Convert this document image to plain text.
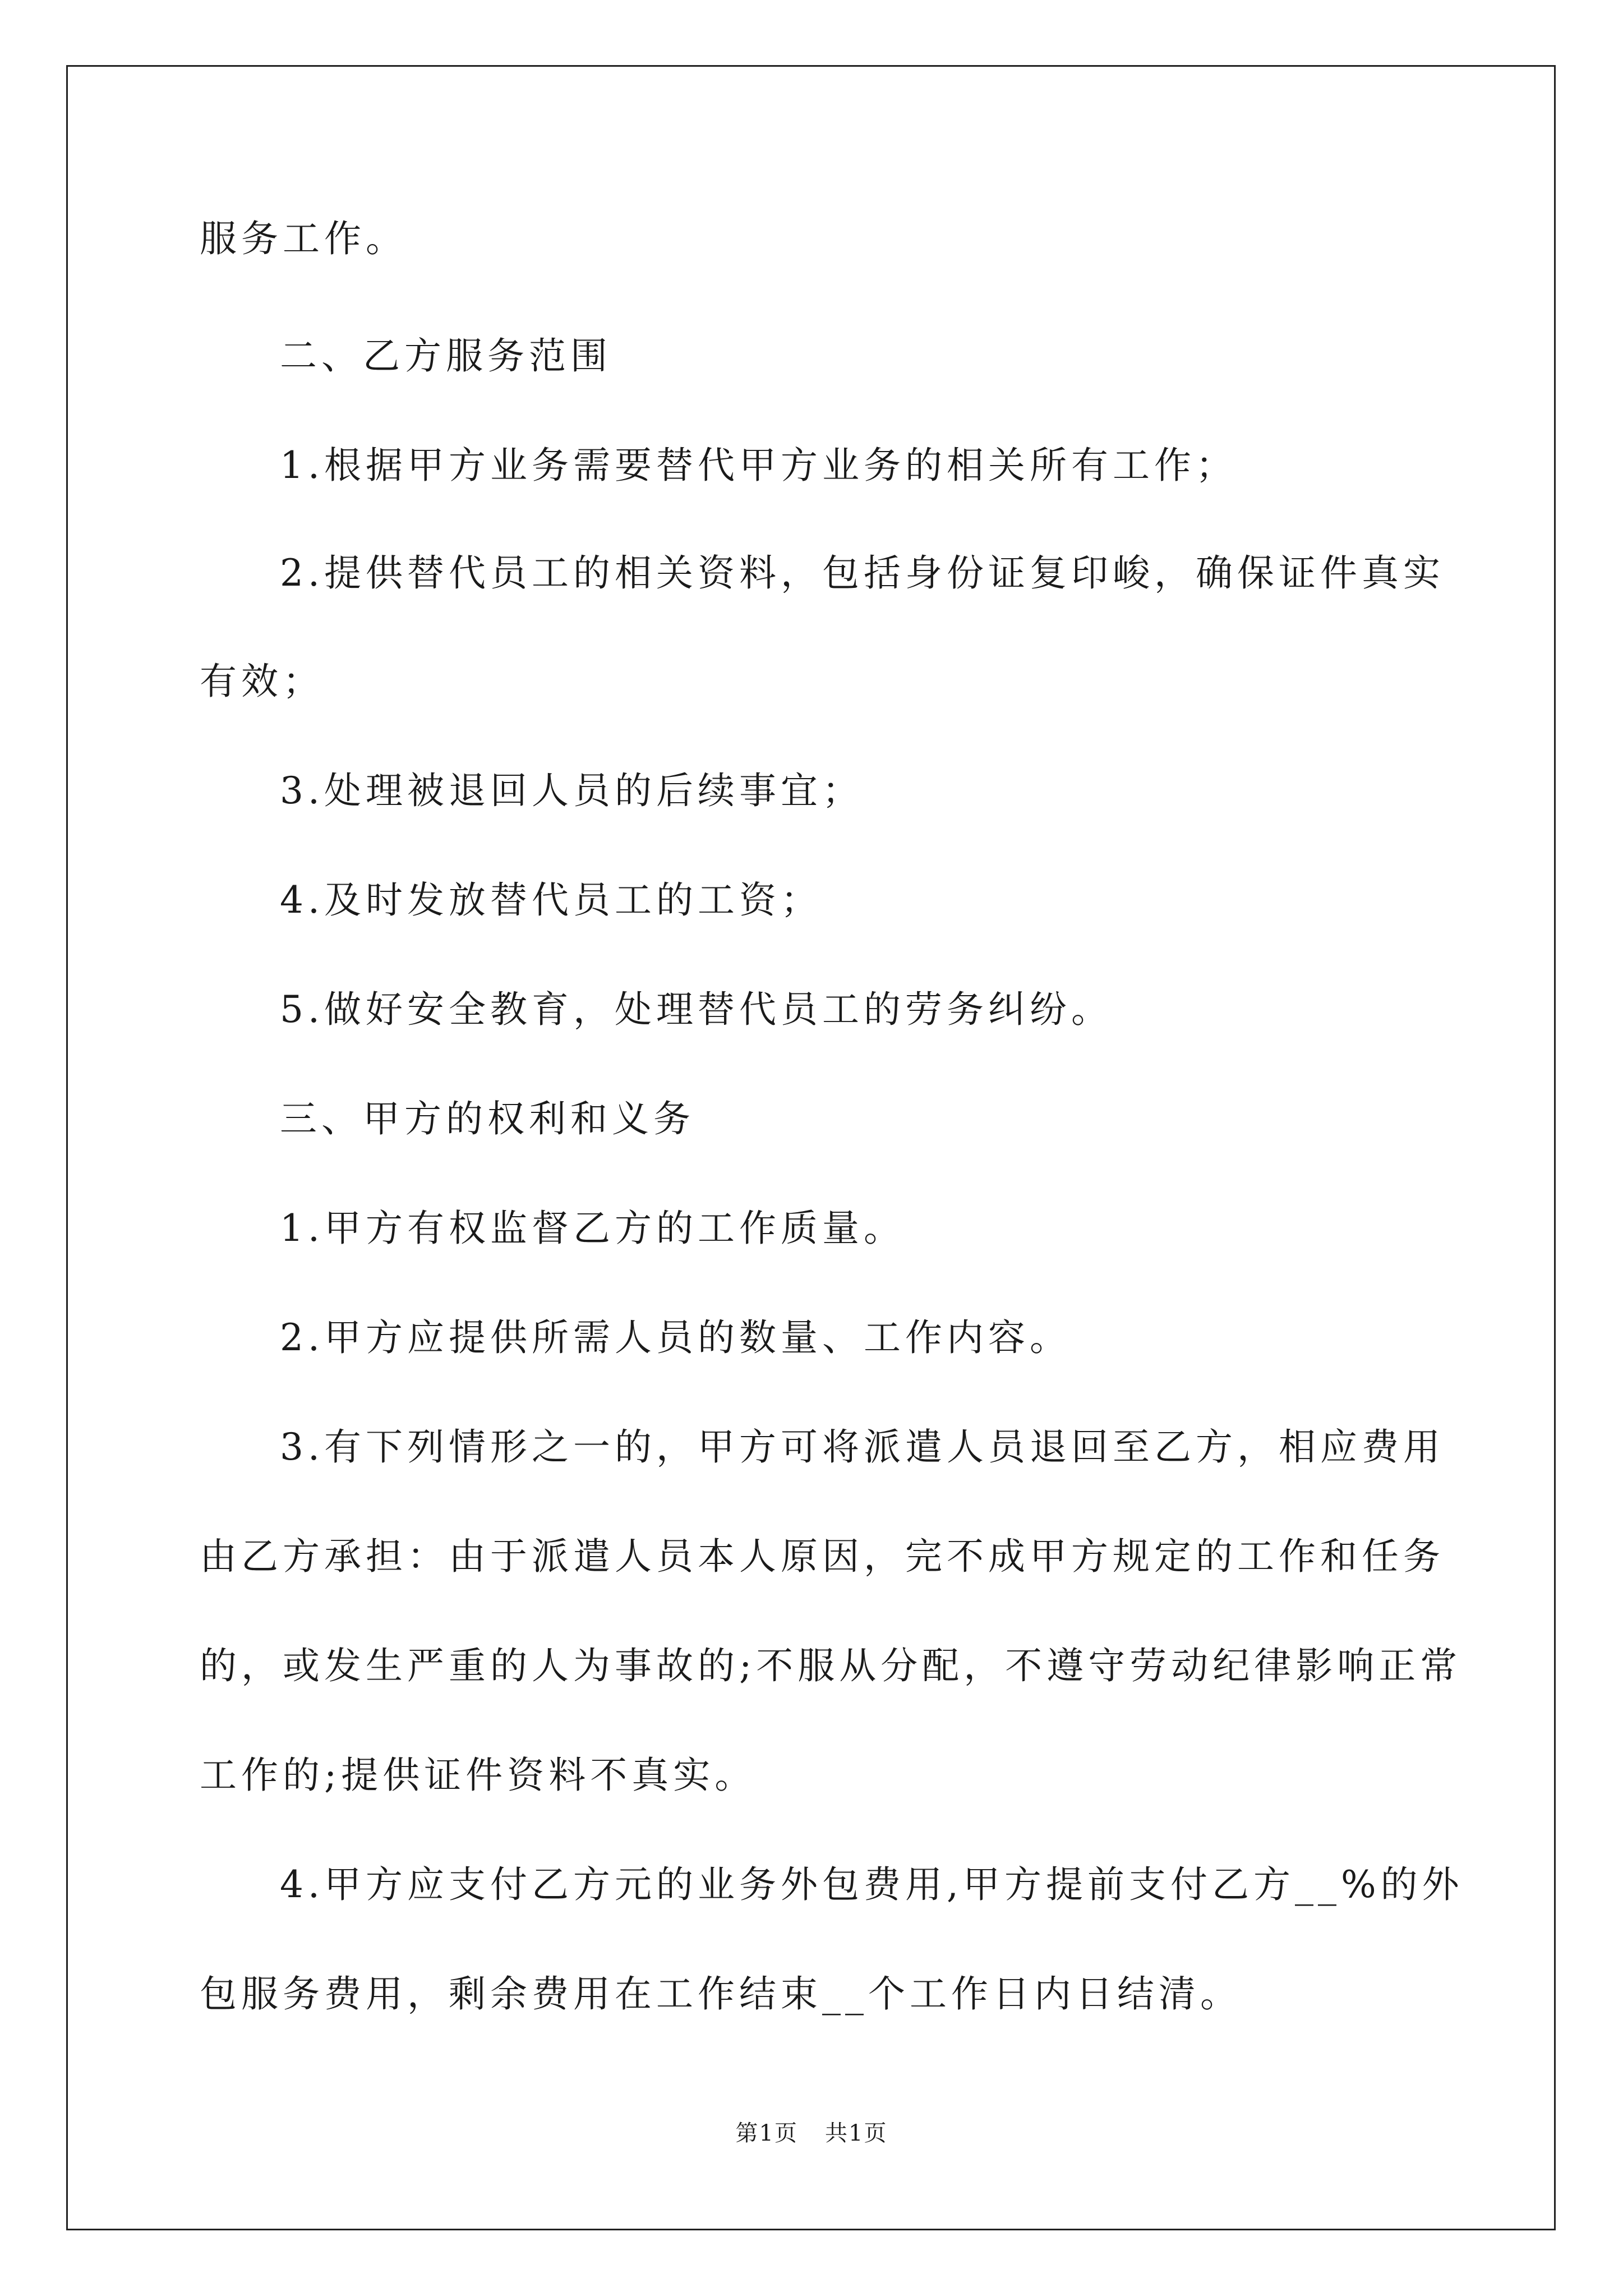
服务工作。
二、乙方服务范围
1.根据甲方业务需要替代甲方业务的相关所有工作；
2.提供替代员工的相关资料，包括身份证复印峻，确保证件真实
有效；
3.处理被退回人员的后续事宜；
4.及时发放替代员工的工资；
5.做好安全教育，处理替代员工的劳务纠纷。
三、甲方的权利和义务
1.甲方有权监督乙方的工作质量。
2.甲方应提供所需人员的数量、工作内容。
3.有下列情形之一的，甲方可将派遣人员退回至乙方，相应费用
由乙方承担：由于派遣人员本人原因，完不成甲方规定的工作和任务
的，或发生严重的人为事故的;不服从分配，不遵守劳动纪律影响正常
工作的;提供证件资料不真实。
4.甲方应支付乙方元的业务外包费用,甲方提前支付乙方__%的外
包服务费用，剩余费用在工作结束__个工作日内日结清。
第1页 共1页
